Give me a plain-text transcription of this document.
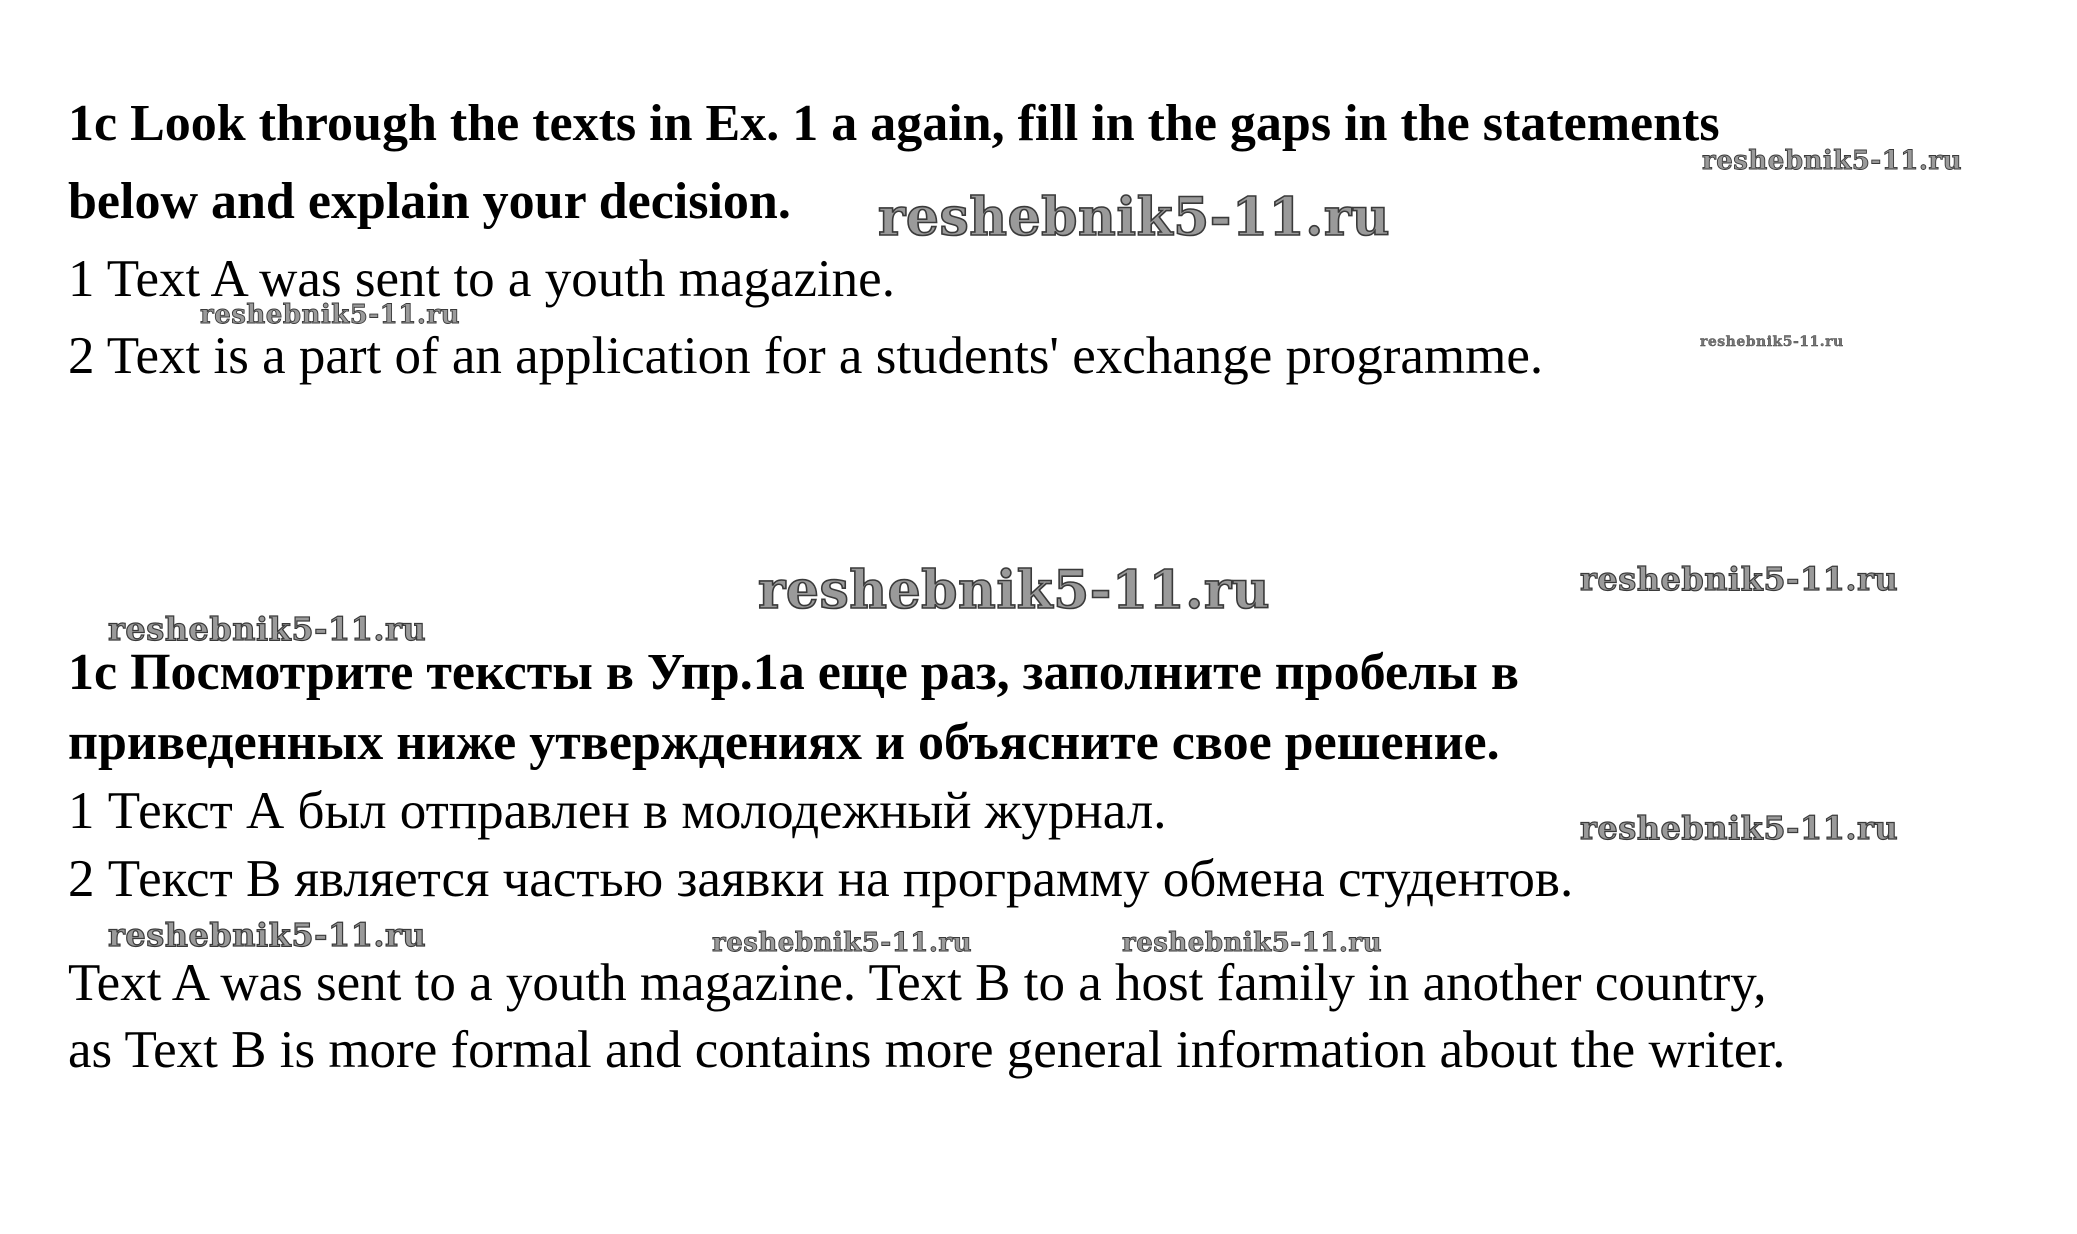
1c Look through the texts in Ex. 1 a again, fill in the gaps in the statements
below and explain your decision.
1 Text A was sent to a youth magazine.
2 Text is a part of an application for a students' exchange programme.
1c Посмотрите тексты в Упр.1а еще раз, заполните пробелы в
приведенных ниже утверждениях и объясните свое решение.
1 Текст А был отправлен в молодежный журнал.
2 Текст В является частью заявки на программу обмена студентов.
Text A was sent to a youth magazine. Text B to a host family in another country,
as Text B is more formal and contains more general information about the writer.
reshebnik5-11.ru
reshebnik5-11.ru
reshebnik5-11.ru
reshebnik5-11.ru
reshebnik5-11.ru	reshebnik5-11.ru
reshebnik5-11.ru
reshebnik5-11.ru
reshebnik5-11.ru	reshebnik5-11.ru	reshebnik5-11.ru
